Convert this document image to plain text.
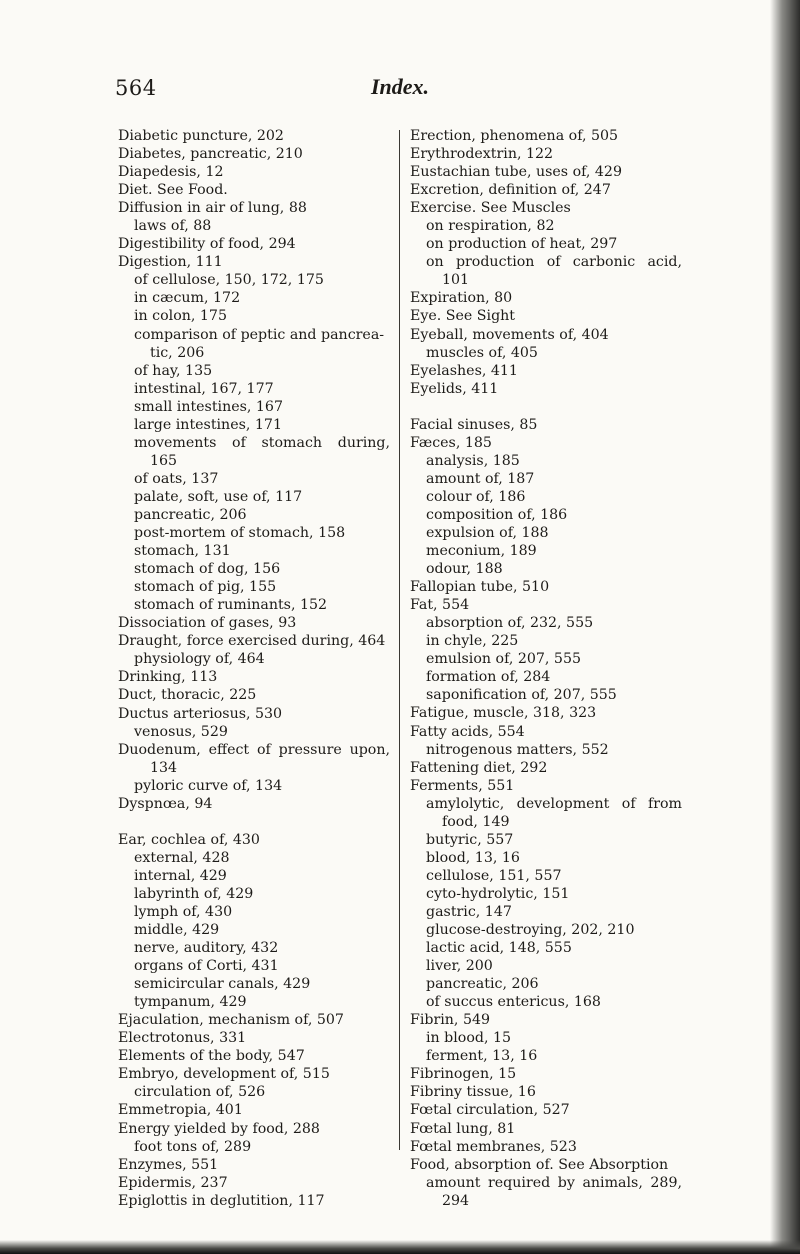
564	Index.
Diabetic puncture, 202
Diabetes, pancreatic, 210
Diapedesis, 12
Diet. See Food.
Diffusion in air of lung, 88
laws of, 88
Digestibility of food, 294
Digestion, 111
of cellulose, 150, 172, 175
in cæcum, 172
in colon, 175
comparison of peptic and pancrea-
tic, 206
of hay, 135
intestinal, 167, 177
small intestines, 167
large intestines, 171
movements of stomach during,
165
of oats, 137
palate, soft, use of, 117
pancreatic, 206
post-mortem of stomach, 158
stomach, 131
stomach of dog, 156
stomach of pig, 155
stomach of ruminants, 152
Dissociation of gases, 93
Draught, force exercised during, 464
physiology of, 464
Drinking, 113
Duct, thoracic, 225
Ductus arteriosus, 530
venosus, 529
Duodenum, effect of pressure upon,
134
pyloric curve of, 134
Dyspnœa, 94
Ear, cochlea of, 430
external, 428
internal, 429
labyrinth of, 429
lymph of, 430
middle, 429
nerve, auditory, 432
organs of Corti, 431
semicircular canals, 429
tympanum, 429
Ejaculation, mechanism of, 507
Electrotonus, 331
Elements of the body, 547
Embryo, development of, 515
circulation of, 526
Emmetropia, 401
Energy yielded by food, 288
foot tons of, 289
Enzymes, 551
Epidermis, 237
Epiglottis in deglutition, 117
Erection, phenomena of, 505
Erythrodextrin, 122
Eustachian tube, uses of, 429
Excretion, definition of, 247
Exercise. See Muscles
on respiration, 82
on production of heat, 297
on production of carbonic acid,
101
Expiration, 80
Eye. See Sight
Eyeball, movements of, 404
muscles of, 405
Eyelashes, 411
Eyelids, 411
Facial sinuses, 85
Fæces, 185
analysis, 185
amount of, 187
colour of, 186
composition of, 186
expulsion of, 188
meconium, 189
odour, 188
Fallopian tube, 510
Fat, 554
absorption of, 232, 555
in chyle, 225
emulsion of, 207, 555
formation of, 284
saponification of, 207, 555
Fatigue, muscle, 318, 323
Fatty acids, 554
nitrogenous matters, 552
Fattening diet, 292
Ferments, 551
amylolytic, development of from
food, 149
butyric, 557
blood, 13, 16
cellulose, 151, 557
cyto-hydrolytic, 151
gastric, 147
glucose-destroying, 202, 210
lactic acid, 148, 555
liver, 200
pancreatic, 206
of succus entericus, 168
Fibrin, 549
in blood, 15
ferment, 13, 16
Fibrinogen, 15
Fibriny tissue, 16
Fœtal circulation, 527
Fœtal lung, 81
Fœtal membranes, 523
Food, absorption of. See Absorption
amount required by animals, 289,
294
